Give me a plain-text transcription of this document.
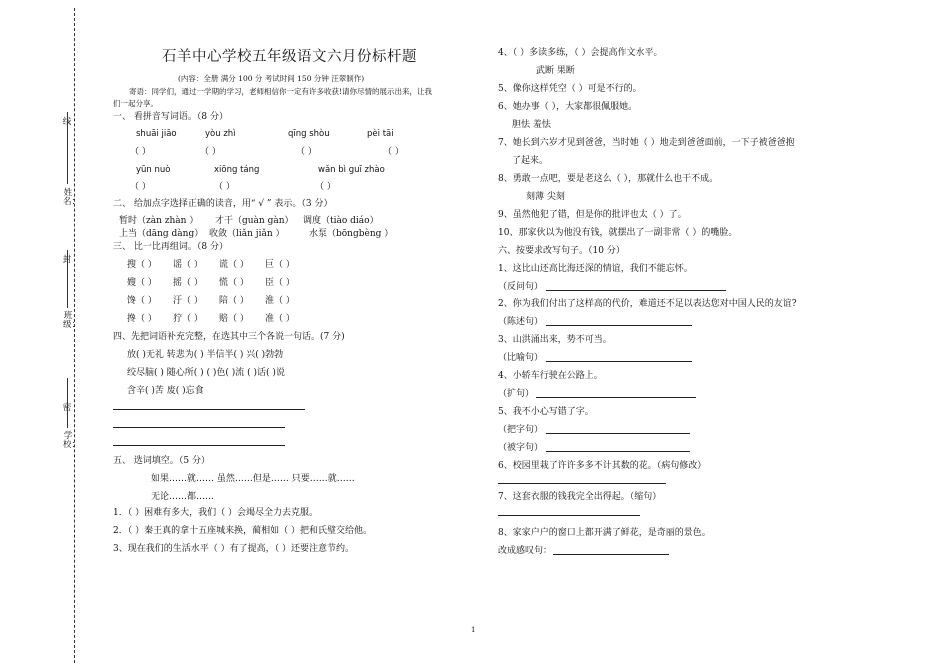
线
封
密
姓名：
班级：
学校：
石羊中心学校五年级语文六月份标杆题
(内容：全册 满分 100 分 考试时间 150 分钟 汪翠制作)
寄语：同学们，通过一学期的学习，老师相信你一定有许多收获!请你尽情的展示出来，让我
们一起分享。
一、 看拼音写词语。（8 分）
shuāi jiāo	yòu zhì	qīng shòu	pèi tāi
（ ）	（ ）	（ ）	（ ）
yūn nuò	xiōng táng	wǎn bì guī zhào
（ ）	（ ）	（ ）
二、 给加点字选择正确的读音，用“ √ ” 表示。（3 分）
暂时（zàn zhàn ） 才干（guàn gàn） 调度（tiào diáo）
上当（dāng dàng） 收敛（liǎn jiǎn ）	水泵（bōngbèng ）
三、 比一比再组词。（8 分）
搜（ ） 谣（ ） 谎（ ） 巨（ ）
嫂（ ） 摇（ ） 慌（ ） 臣（ ）
馋（ ） 汙（ ） 陪（ ） 淮（ ）
搀（ ） 狞（ ） 赔（ ） 准（ ）
四、先把词语补充完整，在选其中三个各说一句话。(7 分)
放( )无礼 转悲为( ) 半信半( ) 兴( )勃勃
绞尽脑( ) 随心所( ) ( )色( )流 ( )话( )说
含辛( )苦 废( )忘食
五、 选词填空。（5 分）
如果……就…… 虽然……但是…… 只要……就……
无论……都……
1．（ ）困难有多大，我们（ ）会竭尽全力去克服。
2．（ ）秦王真的拿十五座城来换，蔺相如（ ）把和氏璧交给他。
3、现在我们的生活水平（ ）有了提高，（ ）还要注意节约。
4、（ ）多读多练，（ ）会提高作文水平。
武断 果断
5、像你这样凭空（ ）可是不行的。
6、她办事（ ），大家都很佩服她。
胆怯 羞怯
7、她长到六岁才见到爸爸，当时她（ ）地走到爸爸面前，一下子被爸爸抱
了起来。
8、勇敢一点吧，要是老这么（ ），那就什么也干不成。
刻薄 尖刻
9、虽然他犯了错，但是你的批评也太（ ）了。
10、那家伙以为他没有钱，就摆出了一副非常（ ）的嘴脸。
六、按要求改写句子。（10 分）
1、这比山还高比海还深的情谊，我们不能忘怀。
（反问句）
2、你为我们付出了这样高的代价，难道还不足以表达您对中国人民的友谊?
（陈述句）
3、山洪涌出来，势不可当。
（比喻句）
4、小轿车行驶在公路上。
（扩句）
5、我不小心写错了字。
（把字句）
（被字句）
6、校园里栽了许许多多不计其数的花。（病句修改）
7、这套衣服的钱我完全出得起。（缩句）
8、家家户户的窗口上都开满了鲜花，是奇丽的景色。
改成感叹句：
1
